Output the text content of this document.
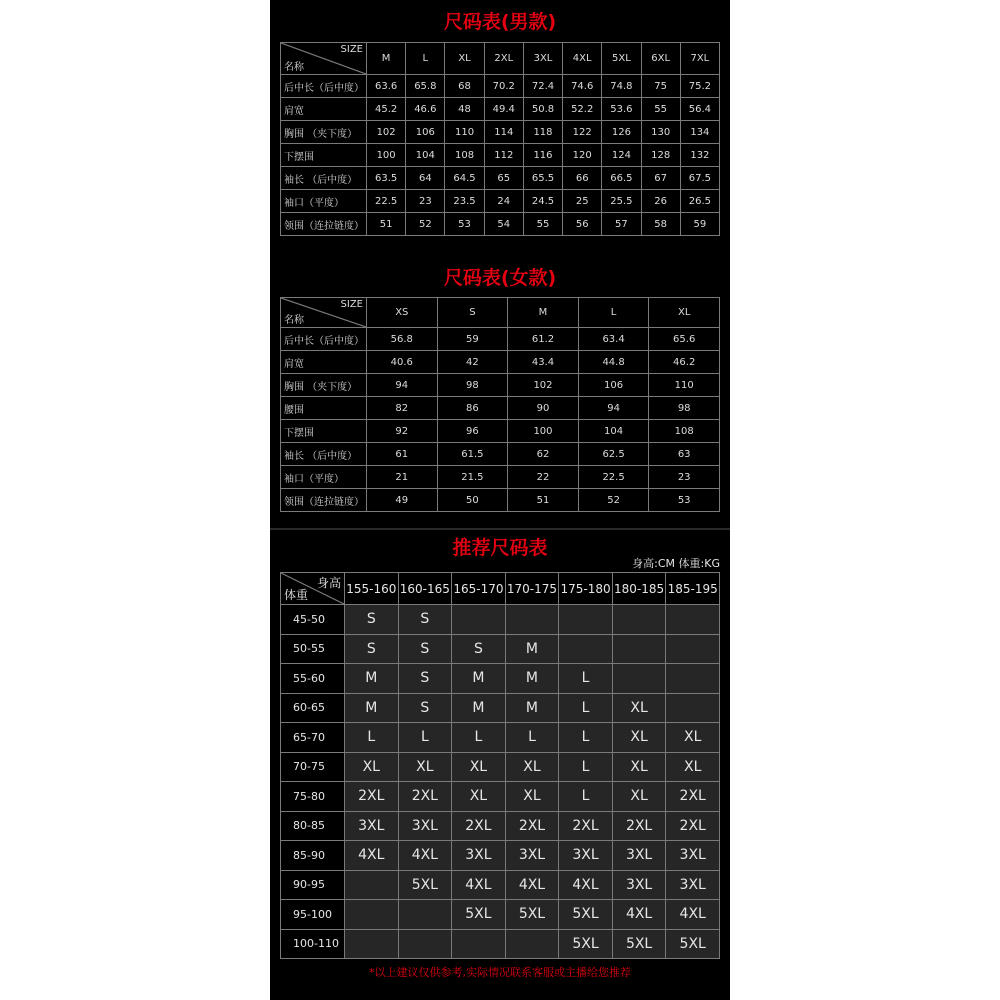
尺码表(男款)
SIZE
名称	M	L	XL	2XL	3XL	4XL	5XL	6XL	7XL
后中长（后中度）	63.6	65.8	68	70.2	72.4	74.6	74.8	75	75.2
肩宽	45.2	46.6	48	49.4	50.8	52.2	53.6	55	56.4
胸围 （夹下度）	102	106	110	114	118	122	126	130	134
下摆围	100	104	108	112	116	120	124	128	132
袖长 （后中度）	63.5	64	64.5	65	65.5	66	66.5	67	67.5
袖口（平度）	22.5	23	23.5	24	24.5	25	25.5	26	26.5
领围（连拉链度）	51	52	53	54	55	56	57	58	59
尺码表(女款)
SIZE
名称	XS	S	M	L	XL
后中长（后中度）	56.8	59	61.2	63.4	65.6
肩宽	40.6	42	43.4	44.8	46.2
胸围 （夹下度）	94	98	102	106	110
腰围	82	86	90	94	98
下摆围	92	96	100	104	108
袖长 （后中度）	61	61.5	62	62.5	63
袖口（平度）	21	21.5	22	22.5	23
领围（连拉链度）	49	50	51	52	53
推荐尺码表
身高:CM 体重:KG
身高
体重	155-160	160-165	165-170	170-175	175-180	180-185	185-195
45-50	S	S					
50-55	S	S	S	M			
55-60	M	S	M	M	L		
60-65	M	S	M	M	L	XL	
65-70	L	L	L	L	L	XL	XL
70-75	XL	XL	XL	XL	L	XL	XL
75-80	2XL	2XL	XL	XL	L	XL	2XL
80-85	3XL	3XL	2XL	2XL	2XL	2XL	2XL
85-90	4XL	4XL	3XL	3XL	3XL	3XL	3XL
90-95		5XL	4XL	4XL	4XL	3XL	3XL
95-100			5XL	5XL	5XL	4XL	4XL
100-110					5XL	5XL	5XL
*以上建议仅供参考,实际情况联系客服或主播给您推荐
